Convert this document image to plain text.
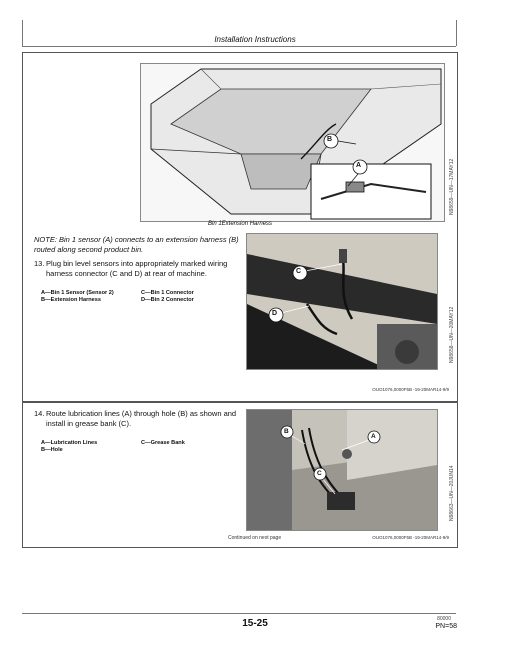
Installation Instructions
B
A	N98659—UN—17MAY12
Bin 1Extension Harness
NOTE: Bin 1 sensor (A) connects to an extension harness (B) routed along second product bin.
13. Plug bin level sensors into appropriately marked wiring harness connector (C and D) at rear of machine.
A—Bin 1 Sensor (Sensor 2)
B—Extension Harness
C—Bin 1 Connector
D—Bin 2 Connector
C
D	N98658—UN—20MAY12
OUO1076,0000F5B -19-20MAR14-9/9
14. Route lubrication lines (A) through hole (B) as shown and install in grease bank (C).
A—Lubrication Lines
B—Hole
C—Grease Bank
B
A
C	N98663—UN—20JUN14
Continued on next page	OUO1076,0000F5B -19-20MAR14-9/9
15-25	80000
PN=58
